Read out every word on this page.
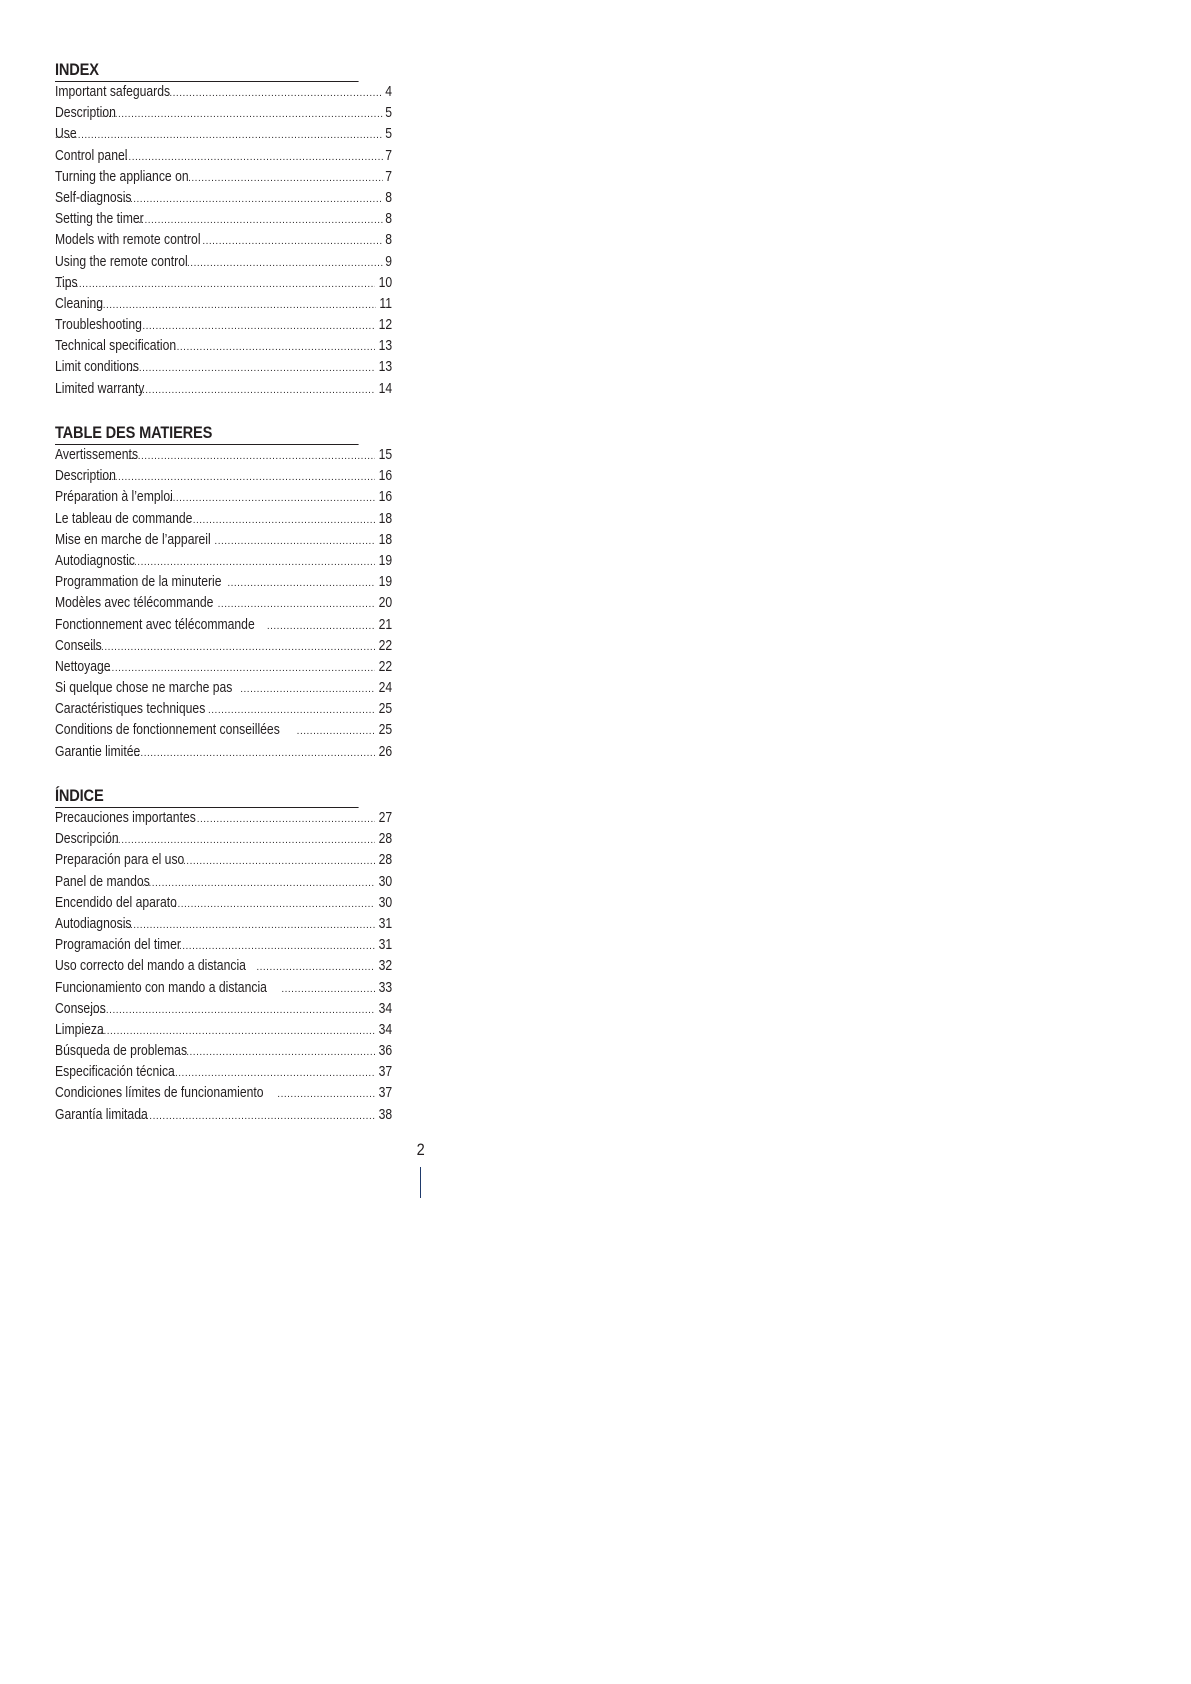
INDEX
Important safeguards .....	4
Description .....	5
Use .....	5
Control panel .....	7
Turning the appliance on .....	7
Self-diagnosis .....	8
Setting the timer .....	8
Models with remote control .....	8
Using the remote control .....	9
Tips .....	10
Cleaning .....	11
Troubleshooting .....	12
Technical specification .....	13
Limit conditions .....	13
Limited warranty .....	14
TABLE DES MATIERES
Avertissements .....	15
Description .....	16
Préparation à l’emploi .....	16
Le tableau de commande .....	18
Mise en marche de l’appareil .....	18
Autodiagnostic .....	19
Programmation de la minuterie .....	19
Modèles avec télécommande .....	20
Fonctionnement avec télécommande .....	21
Conseils .....	22
Nettoyage .....	22
Si quelque chose ne marche pas .....	24
Caractéristiques techniques .....	25
Conditions de fonctionnement conseillées .....	25
Garantie limitée .....	26
ÍNDICE
Precauciones importantes .....	27
Descripción .....	28
Preparación para el uso .....	28
Panel de mandos .....	30
Encendido del aparato .....	30
Autodiagnosis .....	31
Programación del timer .....	31
Uso correcto del mando a distancia .....	32
Funcionamiento con mando a distancia .....	33
Consejos .....	34
Limpieza .....	34
Búsqueda de problemas .....	36
Especificación técnica .....	37
Condiciones límites de funcionamiento .....	37
Garantía limitada .....	38
2
